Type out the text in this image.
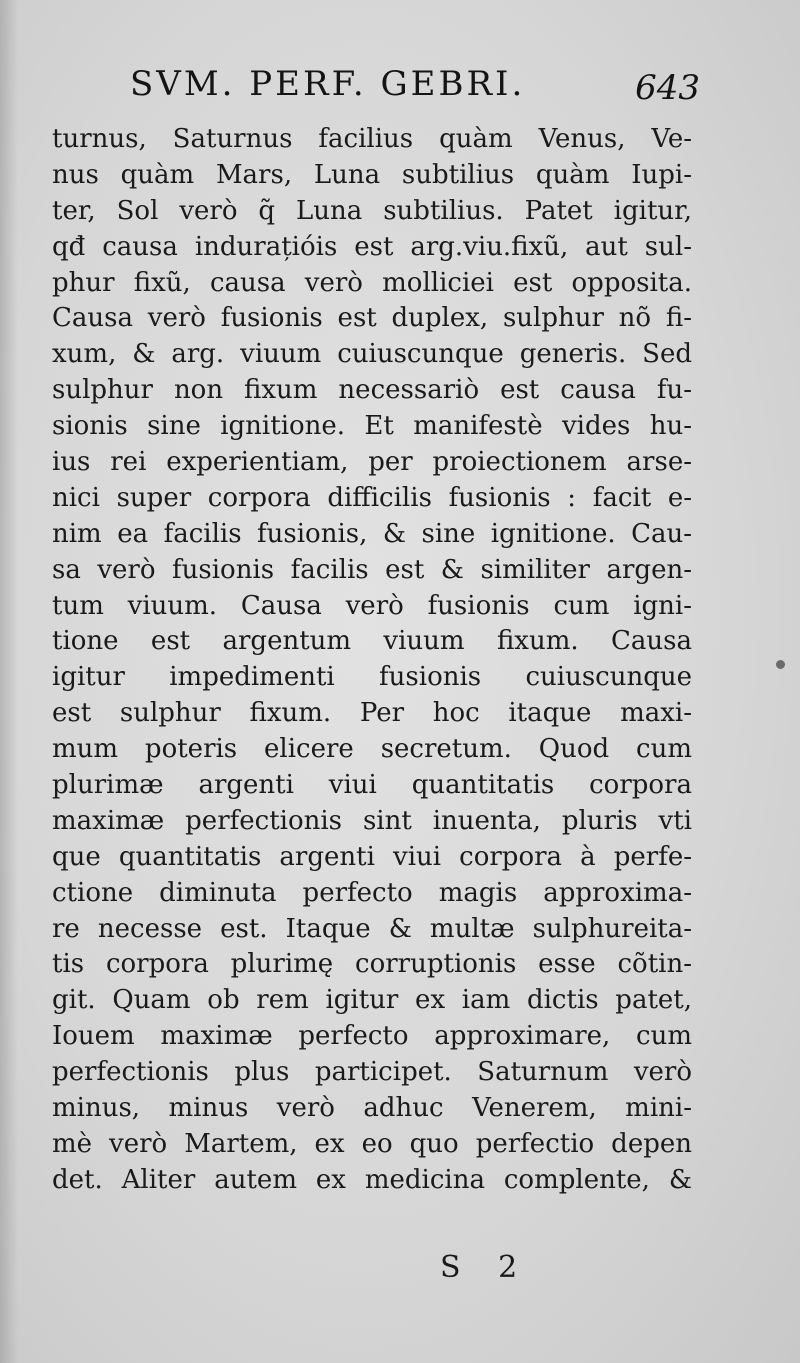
SVM. PERF. GEBRI.	643
turnus, Saturnus facilius quàm Venus, Ve-
nus quàm Mars, Luna subtilius quàm Iupi-
ter, Sol verò q̃ Luna subtilius. Patet igitur,
qđ causa indurațióis est arg.viu.fixũ, aut sul-
phur fixũ, causa verò molliciei est opposita.
Causa verò fusionis est duplex, sulphur nõ fi-
xum, & arg. viuum cuiuscunque generis. Sed
sulphur non fixum necessariò est causa fu-
sionis sine ignitione. Et manifestè vides hu-
ius rei experientiam, per proiectionem arse-
nici super corpora difficilis fusionis : facit e-
nim ea facilis fusionis, & sine ignitione. Cau-
sa verò fusionis facilis est & similiter argen-
tum viuum. Causa verò fusionis cum igni-
tione est argentum viuum fixum. Causa
igitur impedimenti fusionis cuiuscunque
est sulphur fixum. Per hoc itaque maxi-
mum poteris elicere secretum. Quod cum
plurimæ argenti viui quantitatis corpora
maximæ perfectionis sint inuenta, pluris vti
que quantitatis argenti viui corpora à perfe-
ctione diminuta perfecto magis approxima-
re necesse est. Itaque & multæ sulphureita-
tis corpora plurimę corruptionis esse cõtin-
git. Quam ob rem igitur ex iam dictis patet,
Iouem maximæ perfecto approximare, cum
perfectionis plus participet. Saturnum verò
minus, minus verò adhuc Venerem, mini-
mè verò Martem, ex eo quo perfectio depen
det. Aliter autem ex medicina complente, &
S 2
